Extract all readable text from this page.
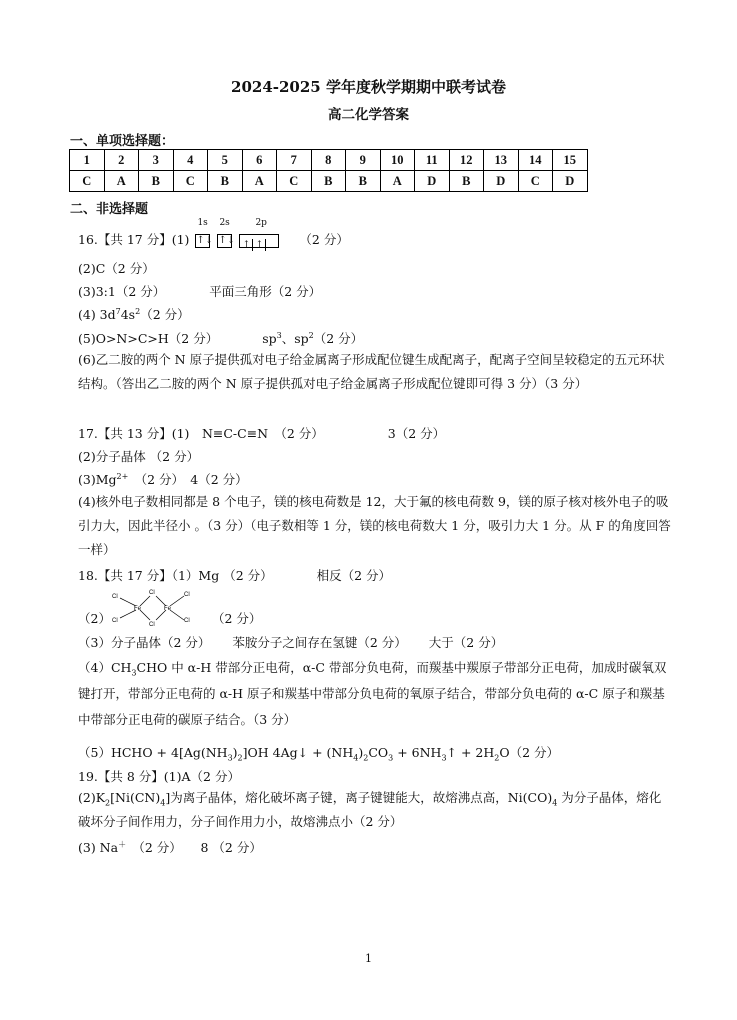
2024-2025 学年度秋学期期中联考试卷
高二化学答案
一、单项选择题：
1	2	3	4	5	6	7	8	9	10	11	12	13	14	15
C	A	B	C	B	A	C	B	B	A	D	B	D	C	D
二、非选择题
16.【共 17 分】(1)
1s 2s	2p
↑↓ ↑↓ ↑ ↑	（2 分）
(2)C（2 分）
(3)3:1（2 分）	平面三角形（2 分）
(4) $3d^74s^2(2$ 分）
(5)O>N>C>H（2 分）	$sp^3$、$sp^2(2$ 分）
(6)乙二胺的两个 N 原子提供孤对电子给金属离子形成配位键生成配离子，配离子空间呈较稳定的五元环状结构。（答出乙二胺的两个 N 原子提供孤对电子给金属离子形成配位键即可得 3 分）（3 分）
17.【共 13 分】(1)　N≡C-C≡N　（2 分）	3（2 分）
(2)分子晶体 （2 分）
$(3)Mg^{2+}$　（2 分）　4（2 分）
(4)核外电子数相同都是 8 个电子，镁的核电荷数是 12，大于氟的核电荷数 9，镁的原子核对核外电子的吸引力大，因此半径小 。（3 分）（电子数相等 1 分，镁的核电荷数大 1 分，吸引力大 1 分。从 F 的角度回答一样）
18.【共 17 分】（1）Mg （2 分）	相反（2 分）
（2）
Cl
Cl
Fe
Cl
Cl
Fe
Cl
Cl （2 分）
（3）分子晶体（2 分） 苯胺分子之间存在氢键（2 分） 大于（2 分）
$(4)CH_3CHO$ 中 α-H 带部分正电荷，α-C 带部分负电荷，而羰基中羰原子带部分正电荷，加成时碳氧双键打开，带部分正电荷的 α-H 原子和羰基中带部分负电荷的氧原子结合，带部分负电荷的 α-C 原子和羰基中带部分正电荷的碳原子结合。（3 分）
（5）HCHO + $4[Ag(NH_3)_2]OH$ 4Ag↓ + $(NH_4)_2CO_3$ + $6NH_3↑ + 2H_2O(2$ 分）
19.【共 8 分】(1)A（2 分）
$(2)K_2[Ni(CN)_4]$为离子晶体，熔化破坏离子键，离子键键能大，故熔沸点高，$Ni(CO)_4$ 为分子晶体，熔化破坏分子间作用力，分子间作用力小，故熔沸点小（2 分）
(3) Na＋　（2 分）　　8 （2 分）
1
